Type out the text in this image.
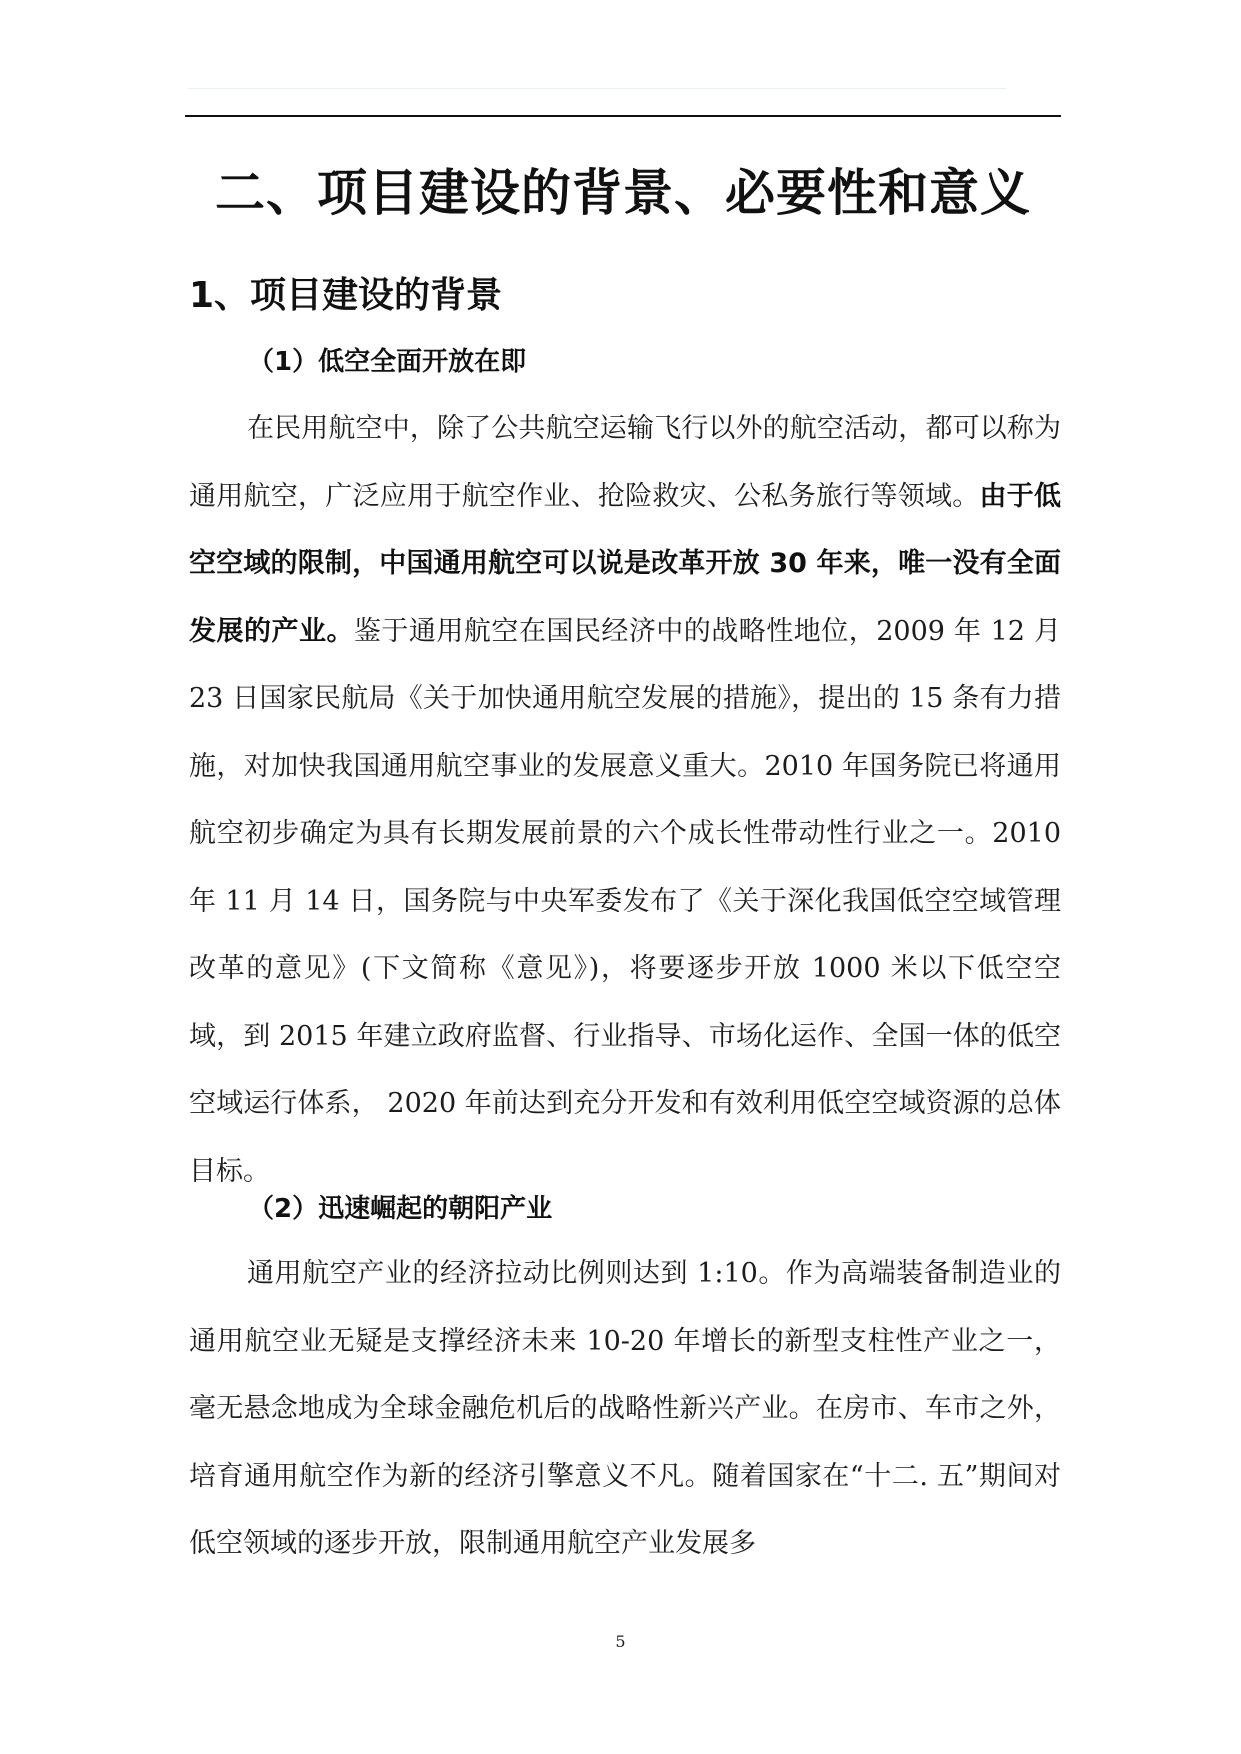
二、项目建设的背景、必要性和意义
1、项目建设的背景
（1）低空全面开放在即

在民用航空中，除了公共航空运输飞行以外的航空活动，都可以称为通用航空，广泛应用于航空作业、抢险救灾、公私务旅行等领域。由于低空空域的限制，中国通用航空可以说是改革开放 30 年来，唯一没有全面发展的产业。鉴于通用航空在国民经济中的战略性地位，2009 年 12 月 23 日国家民航局《关于加快通用航空发展的措施》，提出的 15 条有力措施，对加快我国通用航空事业的发展意义重大。2010 年国务院已将通用航空初步确定为具有长期发展前景的六个成长性带动性行业之一。2010 年 11 月 14 日，国务院与中央军委发布了《关于深化我国低空空域管理改革的意见》(下文简称《意见》)，将要逐步开放 1000 米以下低空空域，到 2015 年建立政府监督、行业指导、市场化运作、全国一体的低空空域运行体系， 2020 年前达到充分开发和有效利用低空空域资源的总体目标。

（2）迅速崛起的朝阳产业

通用航空产业的经济拉动比例则达到 1:10。作为高端装备制造业的通用航空业无疑是支撑经济未来 10-20 年增长的新型支柱性产业之一，毫无悬念地成为全球金融危机后的战略性新兴产业。在房市、车市之外，培育通用航空作为新的经济引擎意义不凡。随着国家在“十二. 五”期间对低空领域的逐步开放，限制通用航空产业发展多

5
